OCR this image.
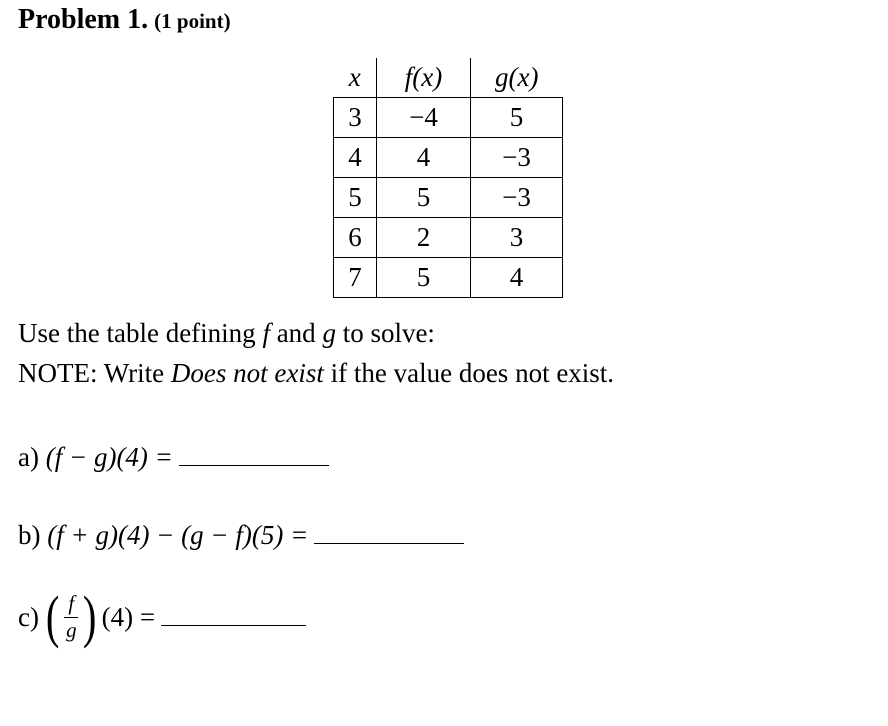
Problem 1. (1 point)
x	f(x)	g(x)
3	−4	5
4	4	−3
5	5	−3
6	2	3
7	5	4
Use the table defining f and g to solve:
NOTE: Write Does not exist if the value does not exist.
a)
(f − g)(4) =
b)
(f + g)(4) − (g − f)(5) =
c) ( $\frac{f}{g}$ ) (4) =
